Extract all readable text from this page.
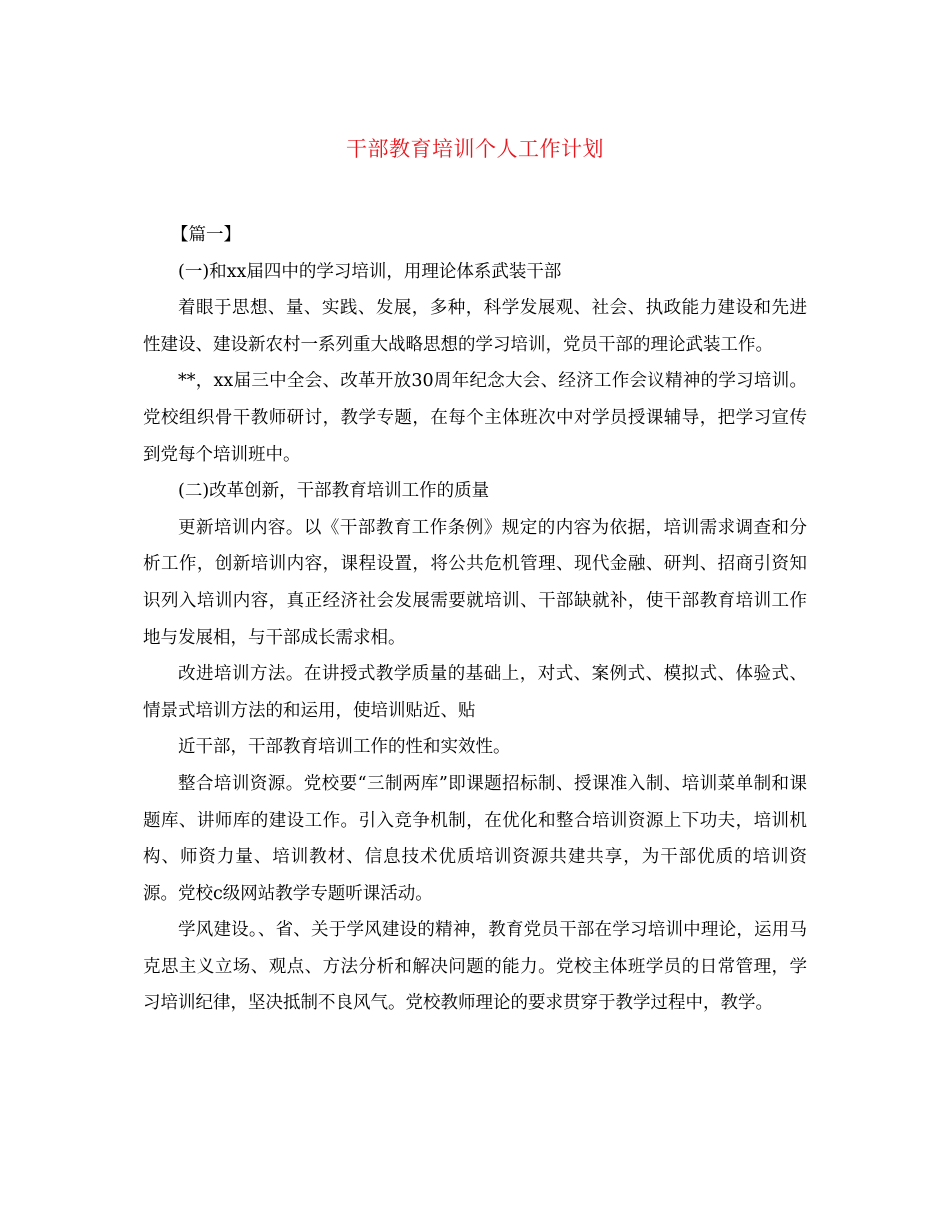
干部教育培训个人工作计划

【篇一】

(一)和xx届四中的学习培训，用理论体系武装干部

着眼于思想、量、实践、发展，多种，科学发展观、社会、执政能力建设和先进性建设、建设新农村一系列重大战略思想的学习培训，党员干部的理论武装工作。

**，xx届三中全会、改革开放30周年纪念大会、经济工作会议精神的学习培训。党校组织骨干教师研讨，教学专题，在每个主体班次中对学员授课辅导，把学习宣传到党每个培训班中。

(二)改革创新，干部教育培训工作的质量

更新培训内容。以《干部教育工作条例》规定的内容为依据，培训需求调查和分析工作，创新培训内容，课程设置，将公共危机管理、现代金融、研判、招商引资知识列入培训内容，真正经济社会发展需要就培训、干部缺就补，使干部教育培训工作地与发展相，与干部成长需求相。

改进培训方法。在讲授式教学质量的基础上，对式、案例式、模拟式、体验式、情景式培训方法的和运用，使培训贴近、贴

近干部，干部教育培训工作的性和实效性。

整合培训资源。党校要“三制两库”即课题招标制、授课准入制、培训菜单制和课题库、讲师库的建设工作。引入竞争机制，在优化和整合培训资源上下功夫，培训机构、师资力量、培训教材、信息技术优质培训资源共建共享，为干部优质的培训资源。党校c级网站教学专题听课活动。

学风建设。、省、关于学风建设的精神，教育党员干部在学习培训中理论，运用马克思主义立场、观点、方法分析和解决问题的能力。党校主体班学员的日常管理，学习培训纪律，坚决抵制不良风气。党校教师理论的要求贯穿于教学过程中，教学。
